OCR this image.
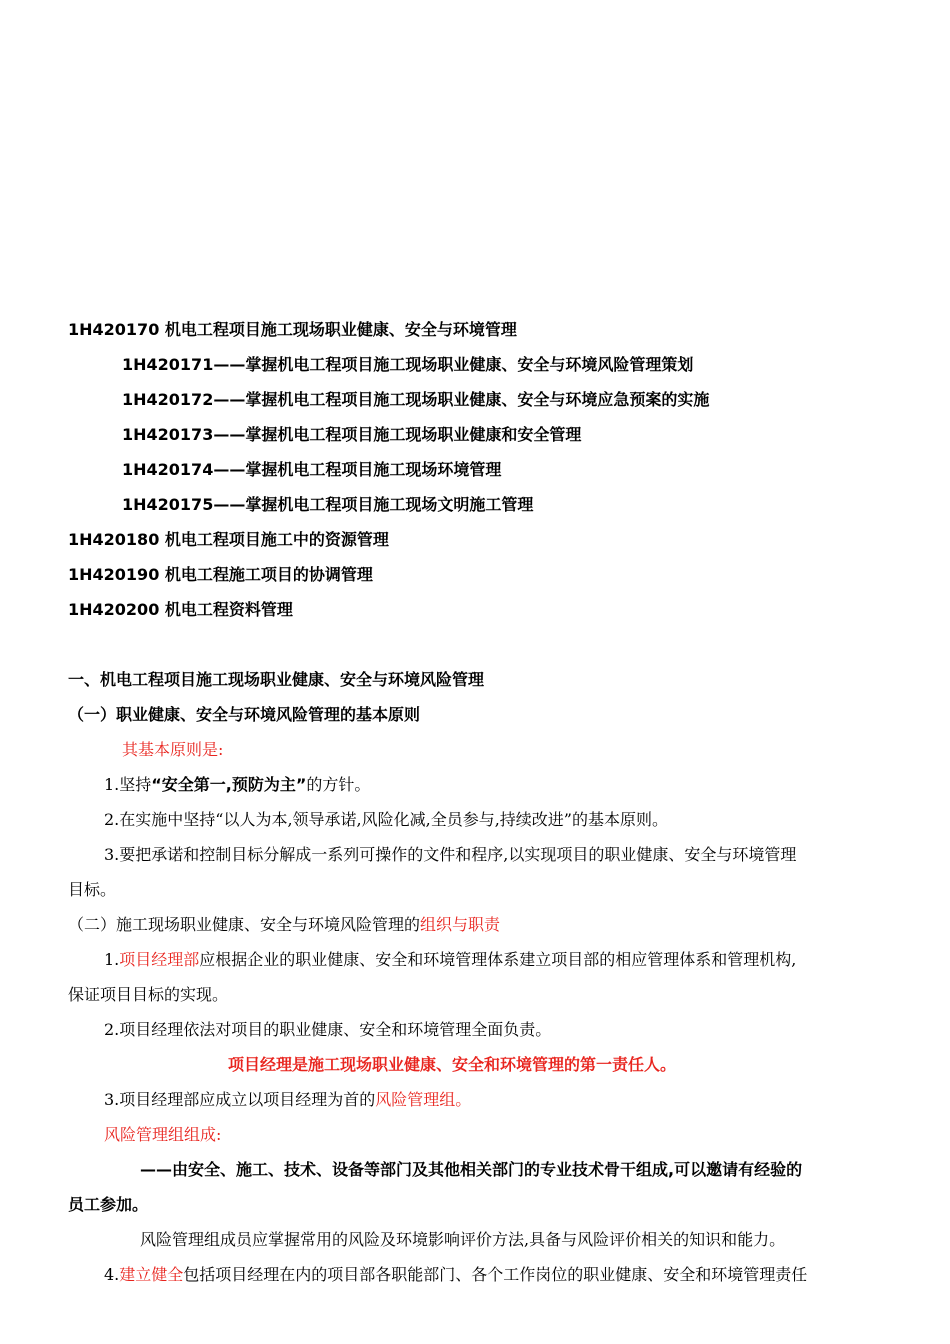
1H420170 机电工程项目施工现场职业健康、安全与环境管理
1H420171——掌握机电工程项目施工现场职业健康、安全与环境风险管理策划
1H420172——掌握机电工程项目施工现场职业健康、安全与环境应急预案的实施
1H420173——掌握机电工程项目施工现场职业健康和安全管理
1H420174——掌握机电工程项目施工现场环境管理
1H420175——掌握机电工程项目施工现场文明施工管理
1H420180 机电工程项目施工中的资源管理
1H420190 机电工程施工项目的协调管理
1H420200 机电工程资料管理
一、机电工程项目施工现场职业健康、安全与环境风险管理
（一）职业健康、安全与环境风险管理的基本原则
其基本原则是:
1.坚持“安全第一,预防为主”的方针。
2.在实施中坚持“以人为本,领导承诺,风险化减,全员参与,持续改进”的基本原则。
3.要把承诺和控制目标分解成一系列可操作的文件和程序,以实现项目的职业健康、安全与环境管理
目标。
（二）施工现场职业健康、安全与环境风险管理的组织与职责
1.项目经理部应根据企业的职业健康、安全和环境管理体系建立项目部的相应管理体系和管理机构,
保证项目目标的实现。
2.项目经理依法对项目的职业健康、安全和环境管理全面负责。
项目经理是施工现场职业健康、安全和环境管理的第一责任人。
3.项目经理部应成立以项目经理为首的风险管理组。
风险管理组组成:
——由安全、施工、技术、设备等部门及其他相关部门的专业技术骨干组成,可以邀请有经验的
员工参加。
风险管理组成员应掌握常用的风险及环境影响评价方法,具备与风险评价相关的知识和能力。
4.建立健全包括项目经理在内的项目部各职能部门、各个工作岗位的职业健康、安全和环境管理责任
